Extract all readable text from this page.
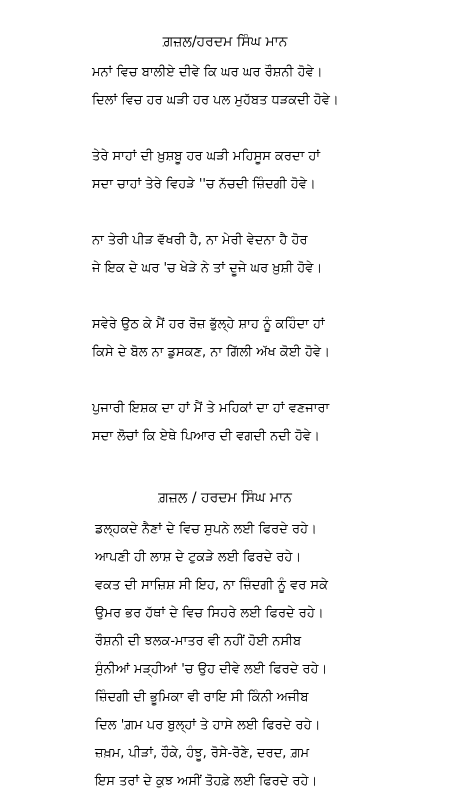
ਗ਼ਜ਼ਲ/ਹਰਦਮ ਸਿੰਘ ਮਾਨ
ਮਨਾਂ ਵਿਚ ਬਾਲੀਏ ਦੀਵੇ ਕਿ ਘਰ ਘਰ ਰੌਸ਼ਨੀ ਹੋਵੇ।
ਦਿਲਾਂ ਵਿਚ ਹਰ ਘੜੀ ਹਰ ਪਲ ਮੁਹੱਬਤ ਧੜਕਦੀ ਹੋਵੇ।
ਤੇਰੇ ਸਾਹਾਂ ਦੀ ਖ਼ੁਸ਼ਬੂ ਹਰ ਘੜੀ ਮਹਿਸੂਸ ਕਰਦਾ ਹਾਂ
ਸਦਾ ਚਾਹਾਂ ਤੇਰੇ ਵਿਹੜੇ ''ਚ ਨੱਚਦੀ ਜ਼ਿੰਦਗੀ ਹੋਵੇ।
ਨਾ ਤੇਰੀ ਪੀੜ ਵੱਖਰੀ ਹੈ, ਨਾ ਮੇਰੀ ਵੇਦਨਾ ਹੈ ਹੋਰ
ਜੇ ਇਕ ਦੇ ਘਰ 'ਚ ਖੇੜੇ ਨੇ ਤਾਂ ਦੂਜੇ ਘਰ ਖ਼ੁਸ਼ੀ ਹੋਵੇ।
ਸਵੇਰੇ ਉਠ ਕੇ ਮੈਂ ਹਰ ਰੋਜ਼ ਭੁੱਲ੍ਹੇ ਸ਼ਾਹ ਨੂੰ ਕਹਿੰਦਾ ਹਾਂ
ਕਿਸੇ ਦੇ ਬੋਲ ਨਾ ਡੁਸਕਣ, ਨਾ ਗਿੱਲੀ ਅੱਖ ਕੋਈ ਹੋਵੇ।
ਪੁਜਾਰੀ ਇਸ਼ਕ ਦਾ ਹਾਂ ਮੈਂ ਤੇ ਮਹਿਕਾਂ ਦਾ ਹਾਂ ਵਣਜਾਰਾ
ਸਦਾ ਲੋਚਾਂ ਕਿ ਏਥੇ ਪਿਆਰ ਦੀ ਵਗਦੀ ਨਦੀ ਹੋਵੇ।
ਗ਼ਜ਼ਲ / ਹਰਦਮ ਸਿੰਘ ਮਾਨ
ਡਲ੍ਹਕਦੇ ਨੈਣਾਂ ਦੇ ਵਿਚ ਸੁਪਨੇ ਲਈ ਫਿਰਦੇ ਰਹੇ।
ਆਪਣੀ ਹੀ ਲਾਸ਼ ਦੇ ਟੁਕੜੇ ਲਈ ਫਿਰਦੇ ਰਹੇ।
ਵਕਤ ਦੀ ਸਾਜ਼ਿਸ਼ ਸੀ ਇਹ, ਨਾ ਜ਼ਿੰਦਗੀ ਨੂੰ ਵਰ ਸਕੇ
ਉਮਰ ਭਰ ਹੱਥਾਂ ਦੇ ਵਿਚ ਸਿਹਰੇ ਲਈ ਫਿਰਦੇ ਰਹੇ।
ਰੌਸ਼ਨੀ ਦੀ ਝਲਕ-ਮਾਤਰ ਵੀ ਨਹੀਂ ਹੋਈ ਨਸੀਬ
ਸੁੰਨੀਆਂ ਮੜ੍ਹੀਆਂ 'ਚ ਉਹ ਦੀਵੇ ਲਈ ਫਿਰਦੇ ਰਹੇ।
ਜ਼ਿੰਦਗੀ ਦੀ ਭੂਮਿਕਾ ਵੀ ਰਾਇ ਸੀ ਕਿੰਨੀ ਅਜੀਬ
ਦਿਲ 'ਗ਼ਮ ਪਰ ਬੁਲ੍ਹਾਂ ਤੇ ਹਾਸੇ ਲਈ ਫਿਰਦੇ ਰਹੇ।
ਜ਼ਖ਼ਮ, ਪੀੜਾਂ, ਹੌਕੇ, ਹੰਝੂ, ਰੋਸੇ-ਰੋਣੇ, ਦਰਦ, ਗ਼ਮ
ਇਸ ਤਰਾਂ ਦੇ ਕੁਝ ਅਸੀਂ ਤੋਹਫ਼ੇ ਲਈ ਫਿਰਦੇ ਰਹੇ।
